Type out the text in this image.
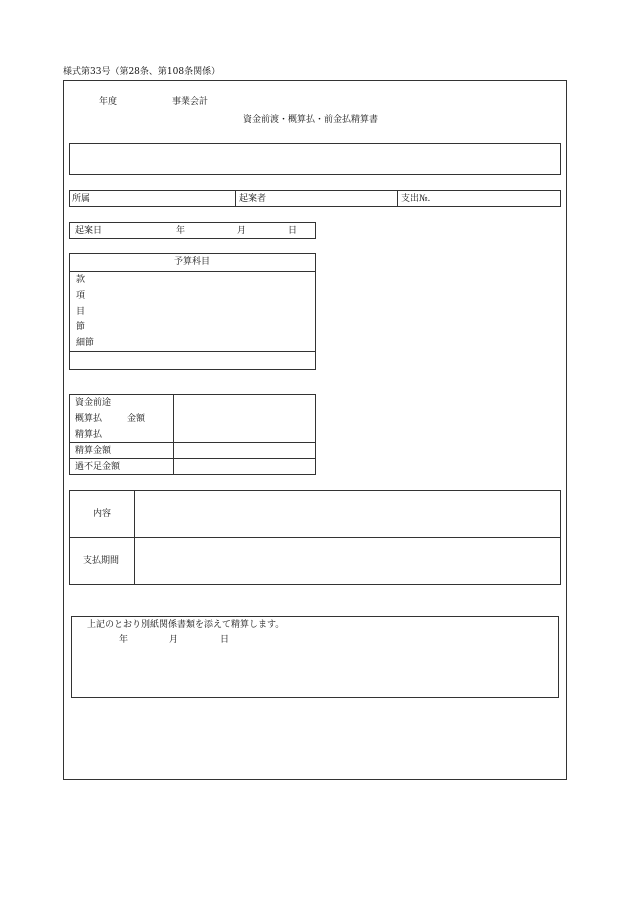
様式第33号（第28条、第108条関係）
年度	事業会計
資金前渡・概算払・前金払精算書
所属	起案者	支出№.
起案日	年	月	日
予算科目
款
項
目
節
細節
資金前途
概算払	金額
精算払
精算金額
過不足金額
内容
支払期間
上記のとおり別紙関係書類を添えて精算します。
年	月	日
